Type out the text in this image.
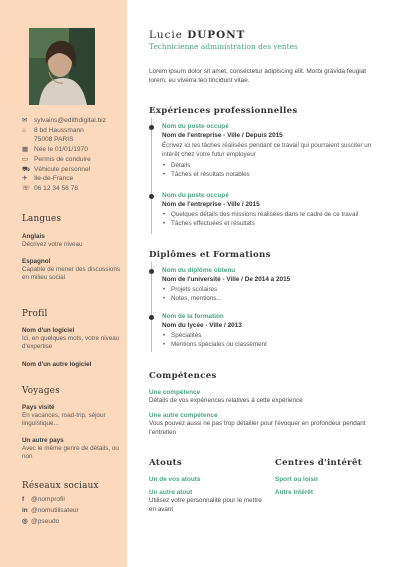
✉	sylvains@edithdigital.biz
⌂	8 bd Haussmann
75008 PARIS
▦ Née le 01/01/1970
▭ Permis de conduire
⛟ Véhicule personnel
✈	Ile-de-France
☏ 06 12 34 56 78
Langues
Anglais
Décrivez votre niveau
Espagnol
Capable de mener des discussions en milieu social
Profil
Nom d'un logiciel
Ici, en quelques mots, votre niveau d'expertise
Nom d'un autre logiciel
Voyages
Pays visité
En vacances, road-trip, séjour linguistique...
Un autre pays
Avec le même genre de détails, ou non
Réseaux sociaux
f	@nomprofil
in @nomutilisateur
◎ @pseudo
Lucie DUPONT
Technicienne administration des ventes
Lorem ipsum dolor sit amet, consectetur adipiscing elit. Morbi gravida feugiat lorem, eu viverra leo tincidunt vitae.
Expériences professionnelles
Nom du poste occupé
Nom de l'entreprise - Ville / Depuis 2015
Écrivez ici les tâches réalisées pendant ce travail qui pourraient susciter un intérêt chez votre futur employeur
• Détails
• Tâches et résultats notables
Nom du poste occupé
Nom de l'entreprise - Ville / 2015
• Quelques détails des missions réalisées dans le cadre de ce travail
• Tâches effectuées et résultats
Diplômes et Formations
Nom du diplôme obtenu
Nom de l'université - Ville / De 2014 à 2015
• Projets scolaires
• Notes, mentions...
Nom de la formation
Nom du lycée - Ville / 2013
• Spécialités
• Mentions spéciales ou classement
Compétences
Une compétence
Détails de vos expériences relatives à cette expérience
Une autre compétence
Vous pouvez aussi ne pas trop détailler pour l'évoquer en profondeur pendant l'entretien
Atouts
Un de vos atouts
Un autre atout
Utilisez votre personnalité pour le mettre en avant
Centres d'intérêt
Sport ou loisir
Autre intérêt
